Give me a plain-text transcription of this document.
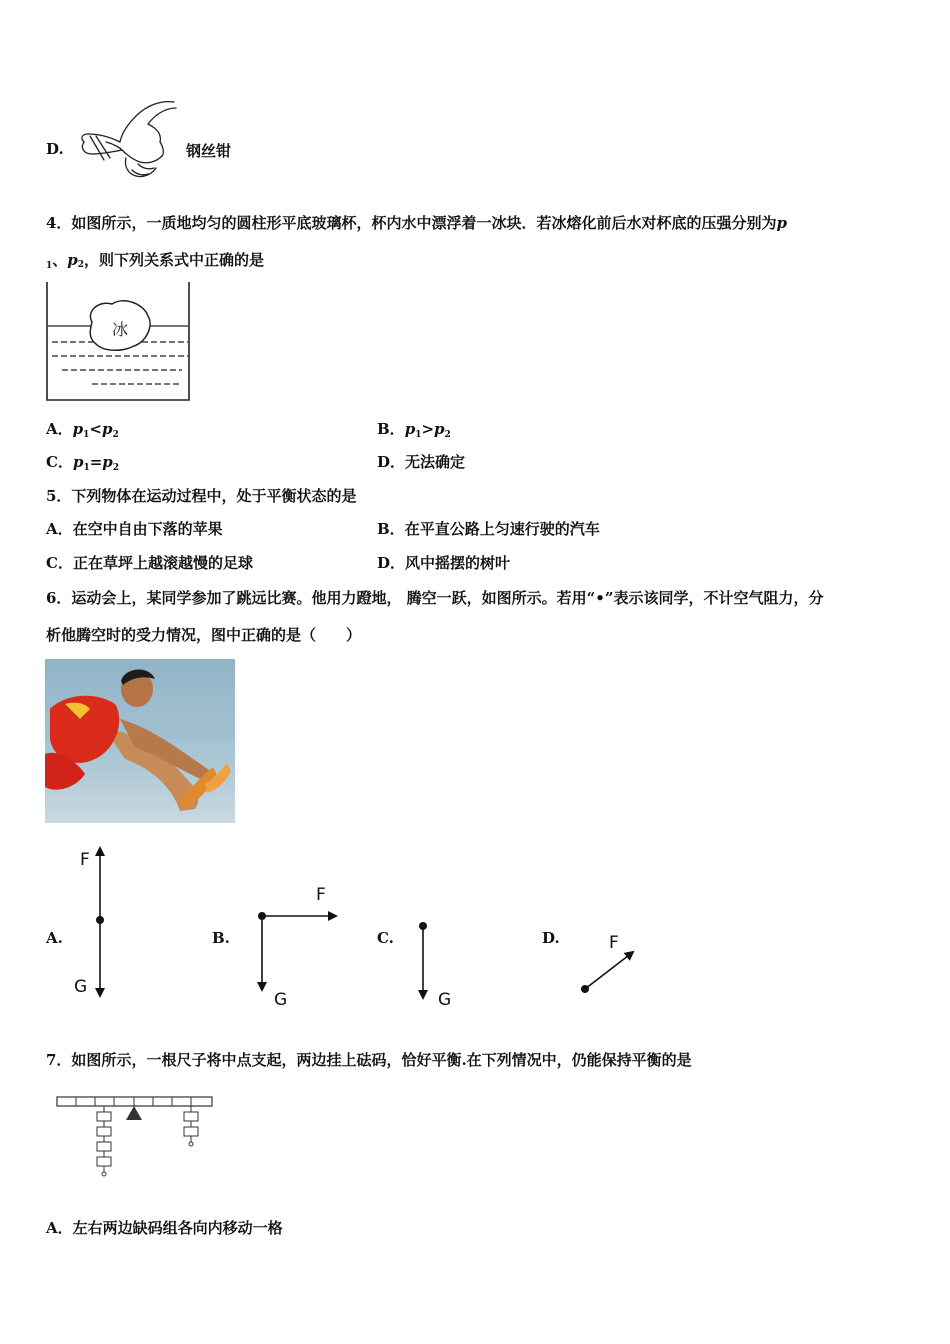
D.	钢丝钳
4．如图所示，一质地均匀的圆柱形平底玻璃杯，杯内水中漂浮着一冰块．若冰熔化前后水对杯底的压强分别为p
$_1$、p2，则下列关系式中正确的是
冰
A．$p_1<p_2$	B．$p_1>p_2$
C．$p_1=p_2$	D．无法确定
5．下列物体在运动过程中，处于平衡状态的是
A．在空中自由下落的苹果	B．在平直公路上匀速行驶的汽车
C．正在草坪上越滚越慢的足球	D．风中摇摆的树叶
6．运动会上，某同学参加了跳远比赛。他用力蹬地， 腾空一跃，如图所示。若用“•”表示该同学，不计空气阻力，分
析他腾空时的受力情况，图中正确的是（　　）
A.	B.	C.	D.
F
G
F
G	G
F
7．如图所示，一根尺子将中点支起，两边挂上砝码，恰好平衡.在下列情况中，仍能保持平衡的是
A．左右两边缺码组各向内移动一格
